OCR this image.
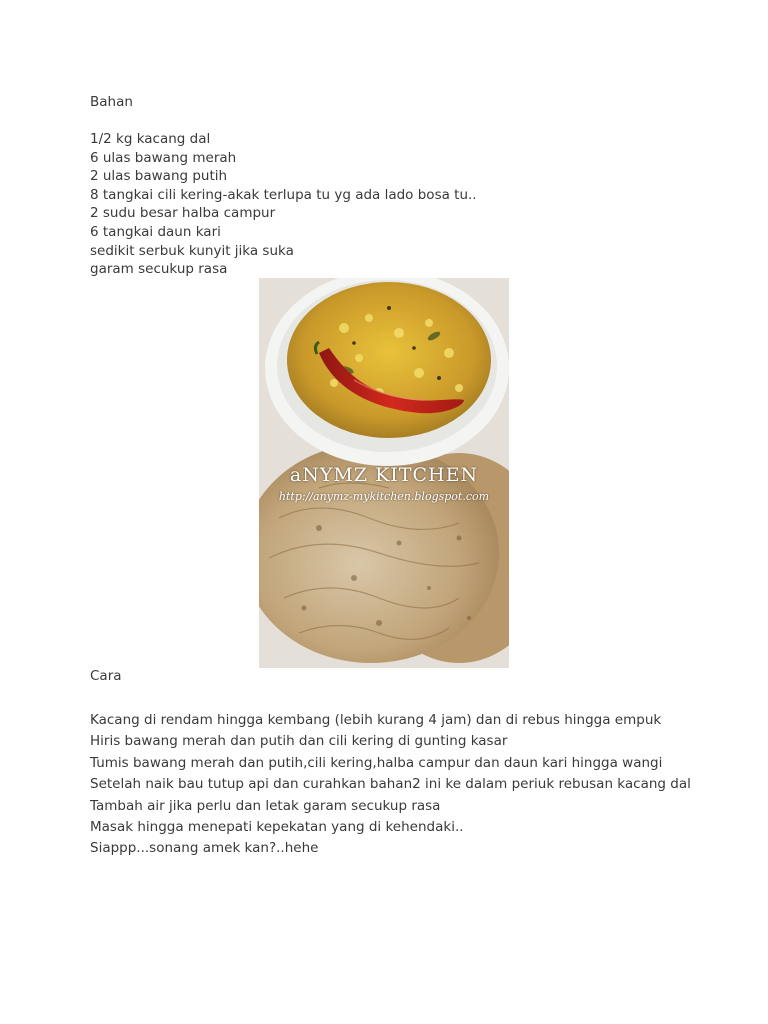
Bahan
1/2 kg kacang dal
6 ulas bawang merah
2 ulas bawang putih
8 tangkai cili kering-akak terlupa tu yg ada lado bosa tu..
2 sudu besar halba campur
6 tangkai daun kari
sedikit serbuk kunyit jika suka
garam secukup rasa
aNYMZ KITCHEN
http://anymz-mykitchen.blogspot.com
Cara
Kacang di rendam hingga kembang (lebih kurang 4 jam) dan di rebus hingga empuk
Hiris bawang merah dan putih dan cili kering di gunting kasar
Tumis bawang merah dan putih,cili kering,halba campur dan daun kari hingga wangi
Setelah naik bau tutup api dan curahkan bahan2 ini ke dalam periuk rebusan kacang dal
Tambah air jika perlu dan letak garam secukup rasa
Masak hingga menepati kepekatan yang di kehendaki..
Siappp...sonang amek kan?..hehe
